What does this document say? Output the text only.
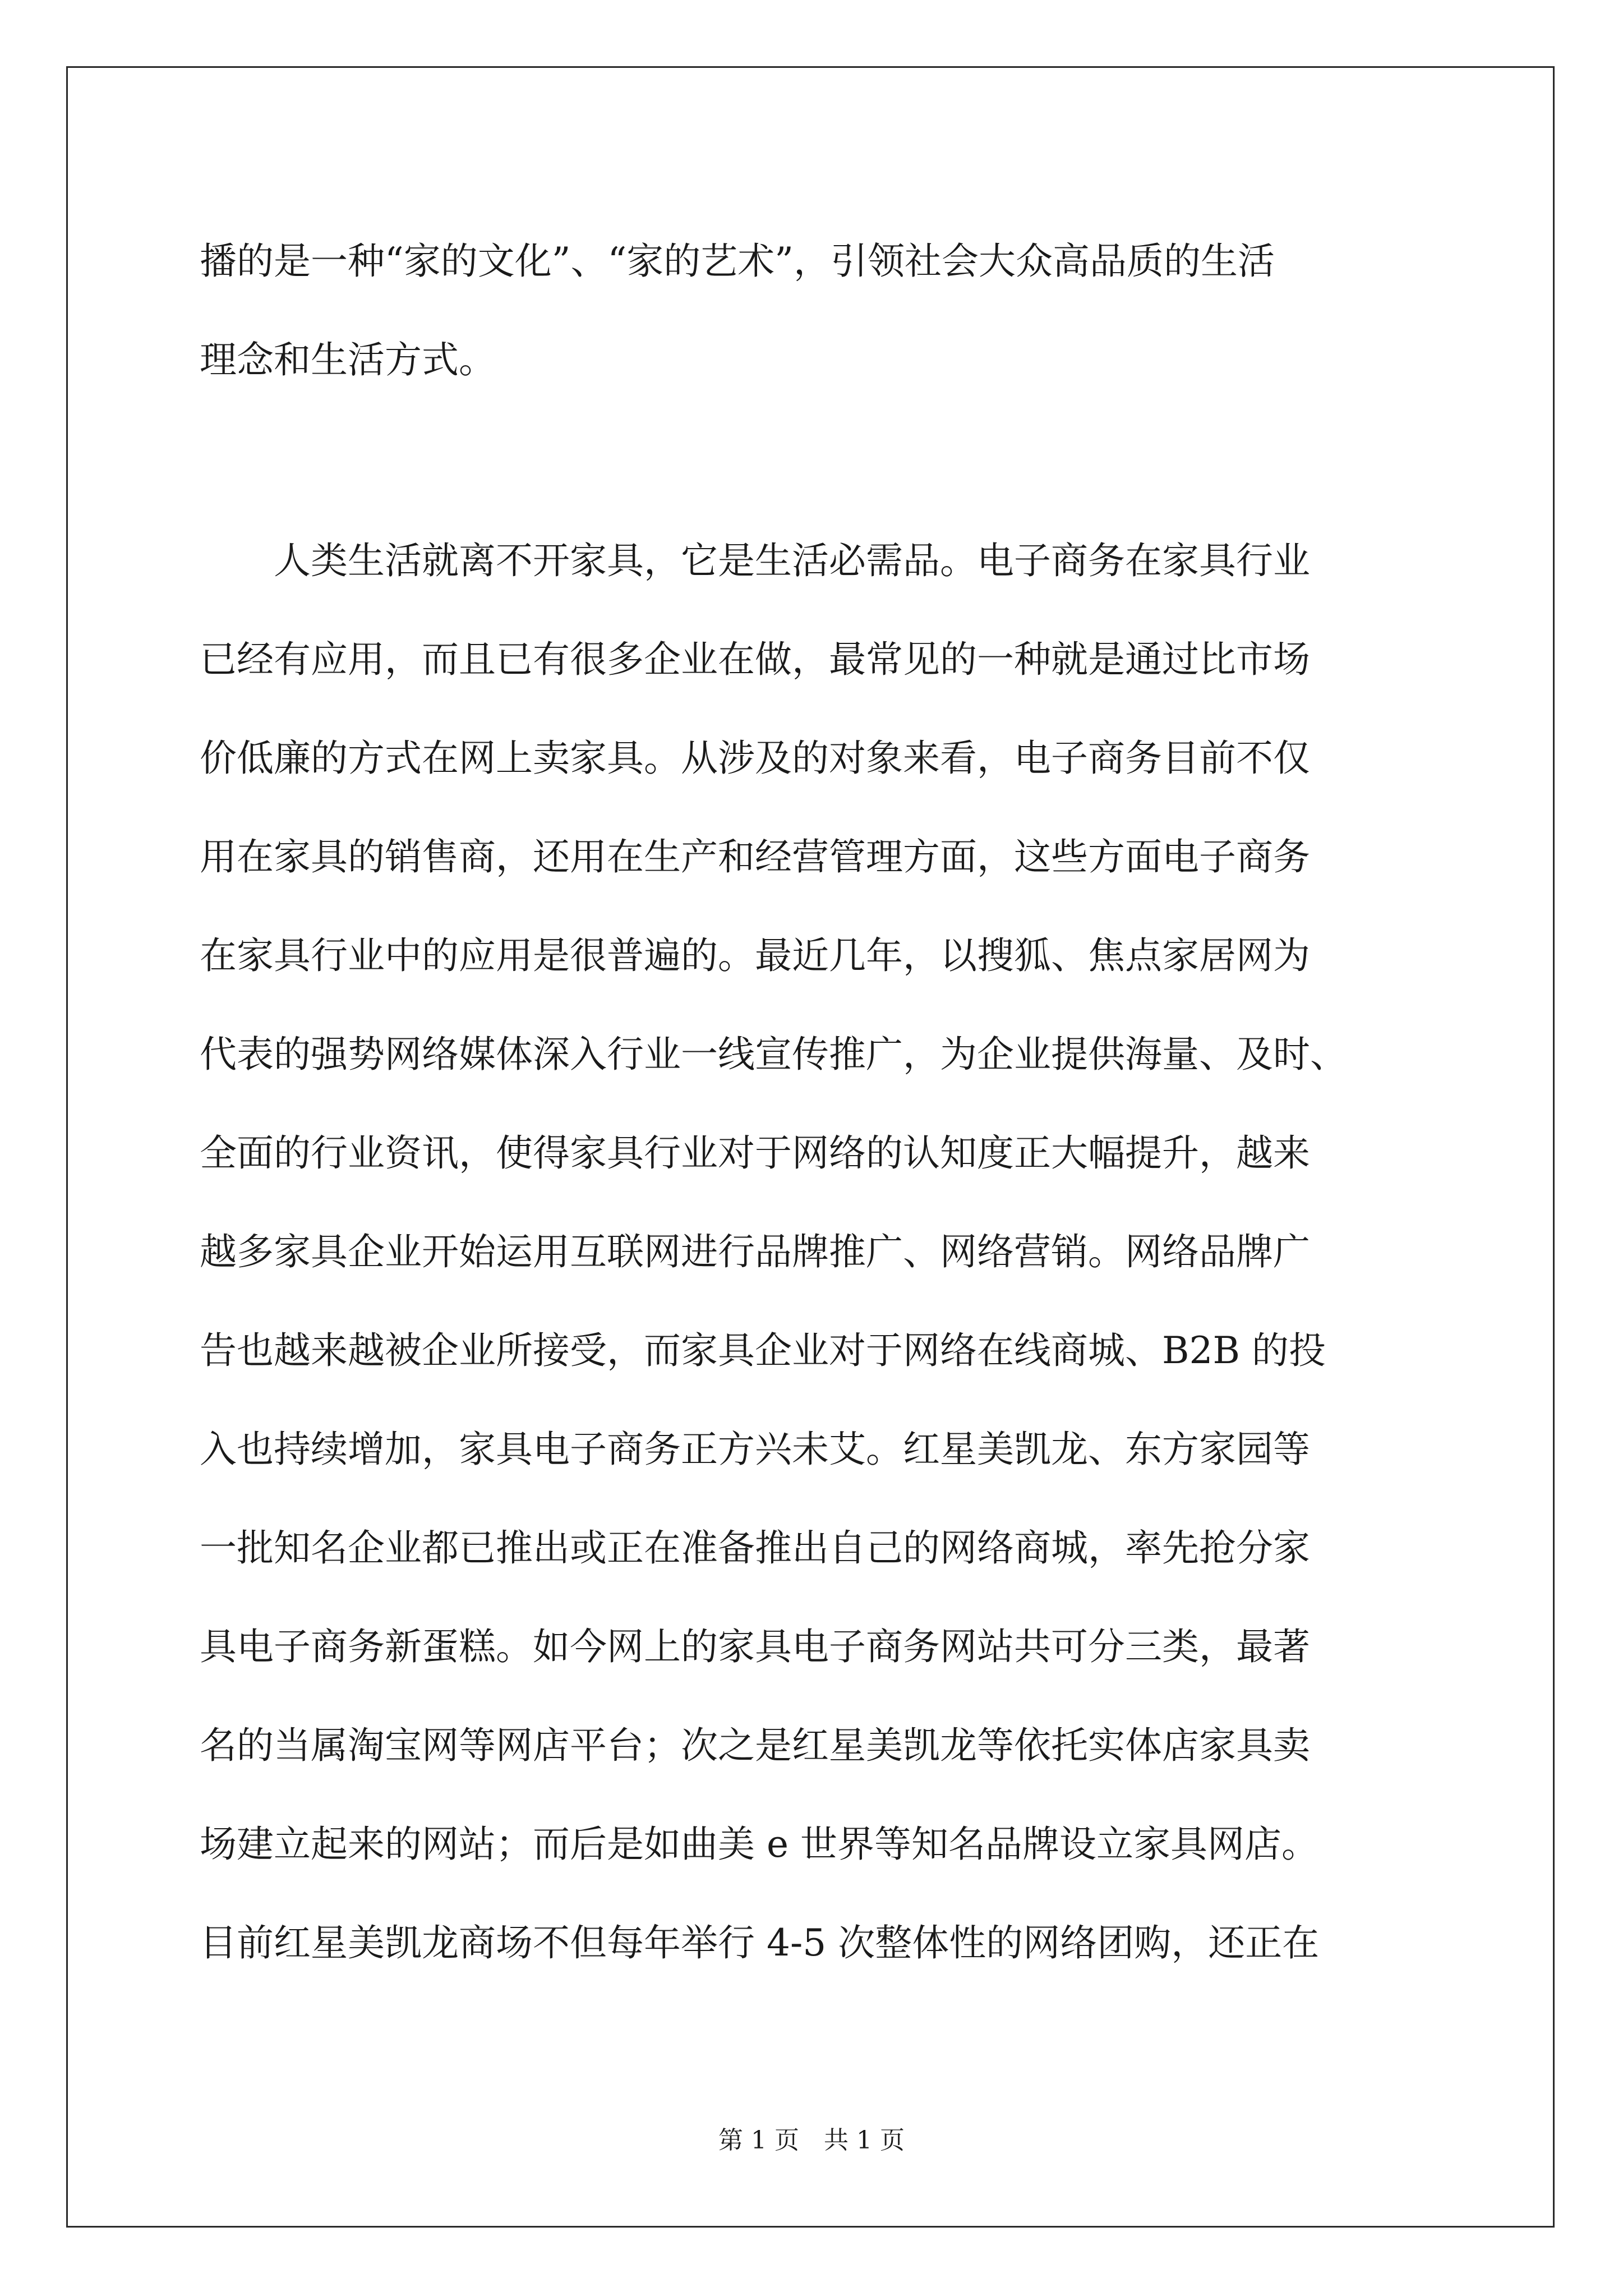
播的是一种“家的文化”、“家的艺术”，引领社会大众高品质的生活
理念和生活方式。
　　人类生活就离不开家具，它是生活必需品。电子商务在家具行业
已经有应用，而且已有很多企业在做，最常见的一种就是通过比市场
价低廉的方式在网上卖家具。从涉及的对象来看，电子商务目前不仅
用在家具的销售商，还用在生产和经营管理方面，这些方面电子商务
在家具行业中的应用是很普遍的。最近几年，以搜狐、焦点家居网为
代表的强势网络媒体深入行业一线宣传推广，为企业提供海量、及时、
全面的行业资讯，使得家具行业对于网络的认知度正大幅提升，越来
越多家具企业开始运用互联网进行品牌推广、网络营销。网络品牌广
告也越来越被企业所接受，而家具企业对于网络在线商城、B2B 的投
入也持续增加，家具电子商务正方兴未艾。红星美凯龙、东方家园等
一批知名企业都已推出或正在准备推出自己的网络商城，率先抢分家
具电子商务新蛋糕。如今网上的家具电子商务网站共可分三类，最著
名的当属淘宝网等网店平台；次之是红星美凯龙等依托实体店家具卖
场建立起来的网站；而后是如曲美 e 世界等知名品牌设立家具网店。
目前红星美凯龙商场不但每年举行 4-5 次整体性的网络团购，还正在
第 1 页　共 1 页
